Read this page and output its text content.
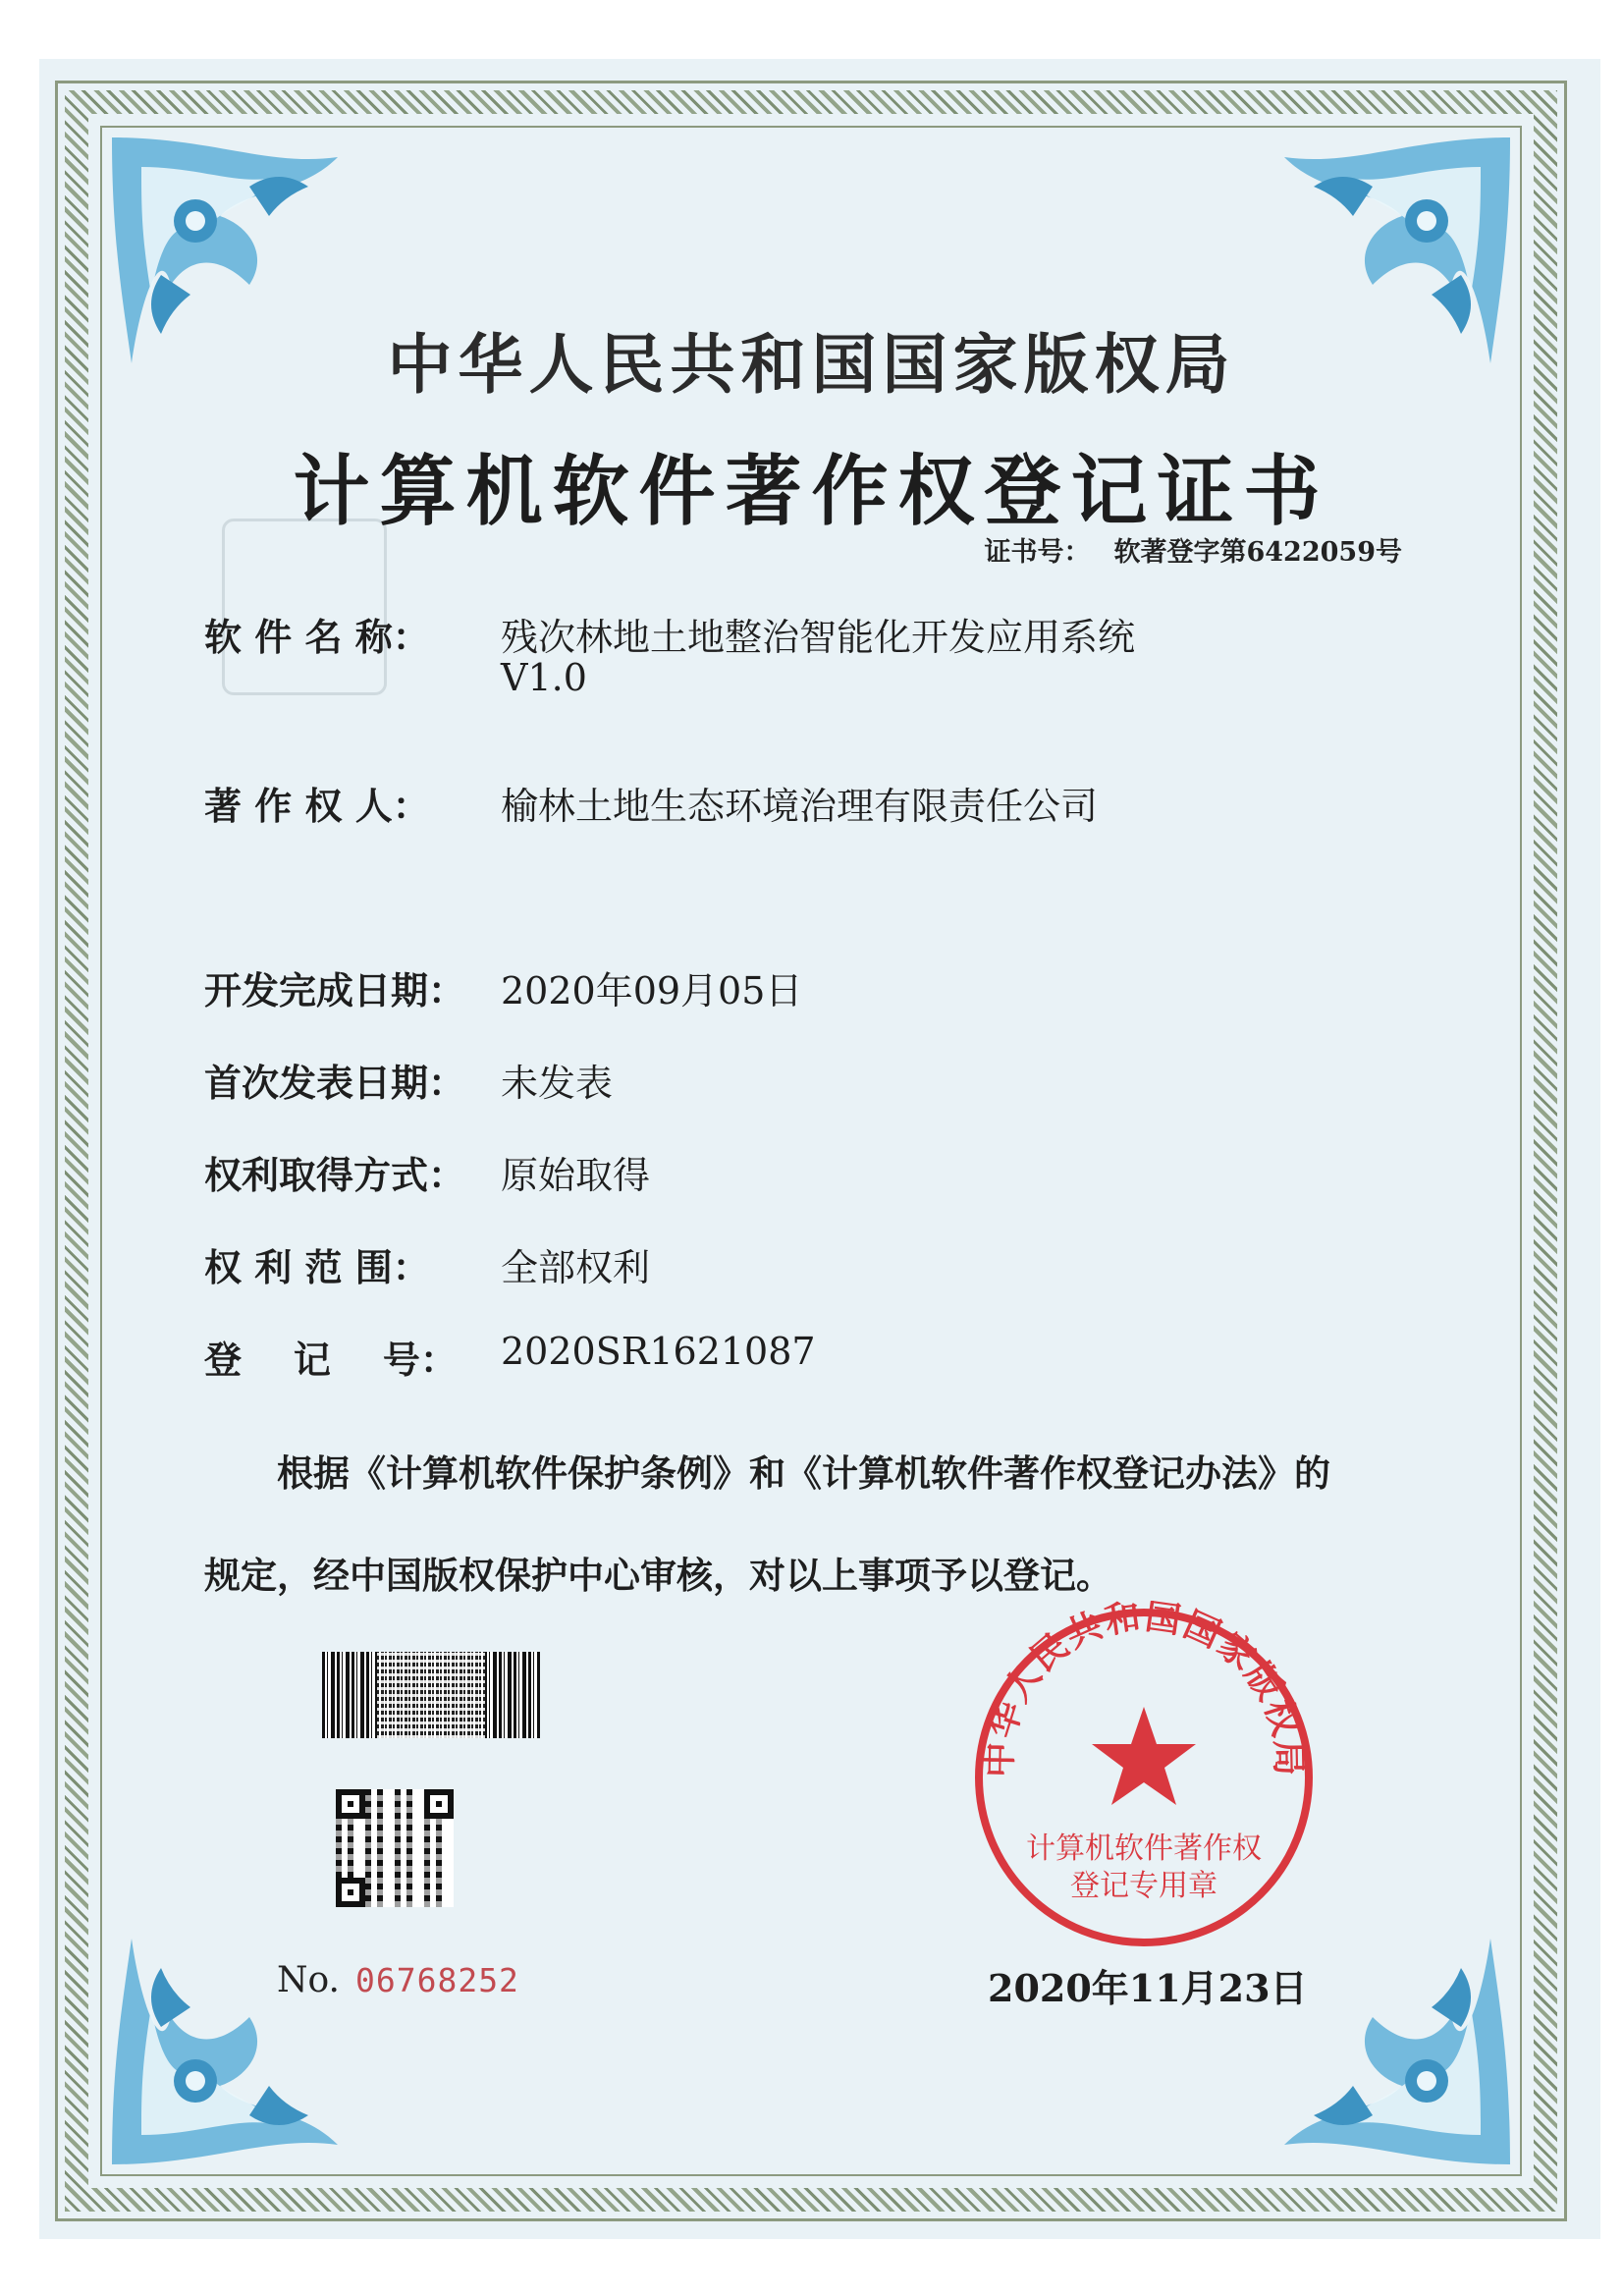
中华人民共和国国家版权局
计算机软件著作权登记证书
证书号： 软著登字第6422059号
软 件 名 称： 残次林地土地整治智能化开发应用系统
V1.0
著 作 权 人： 榆林土地生态环境治理有限责任公司
开发完成日期： 2020年09月05日
首次发表日期： 未发表
权利取得方式： 原始取得
权 利 范 围： 全部权利
登    记    号： 2020SR1621087
根据《计算机软件保护条例》和《计算机软件著作权登记办法》的
规定，经中国版权保护中心审核，对以上事项予以登记。
No. 06768252
中华人民共和国国家版权局
计算机软件著作权
登记专用章
2020年11月23日
